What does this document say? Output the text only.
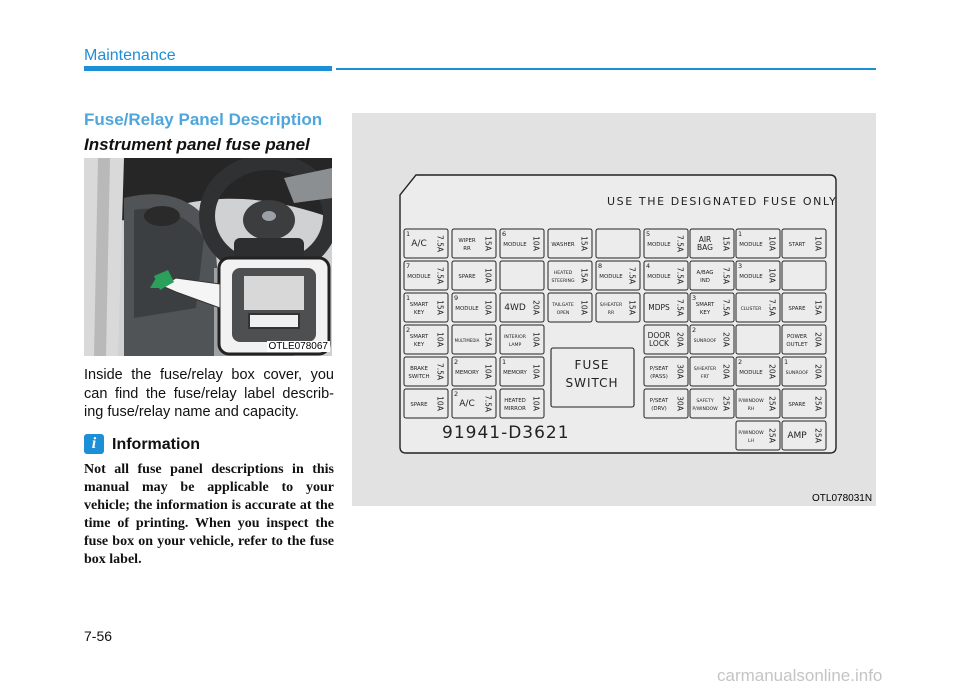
Maintenance
Fuse/Relay Panel Description
Instrument panel fuse panel
OTLE078067
Inside the fuse/relay box cover, you can find the fuse/relay label describ-ing fuse/relay name and capacity.
i Information
Not all fuse panel descriptions in this manual may be applicable to your vehicle; the information is accurate at the time of printing. When you inspect the fuse box on your vehicle, refer to the fuse box label.
USE THE DESIGNATED FUSE ONLY
1
A/C 7.5A
7
MODULE 7.5A
1
SMART
KEY 15A
2
SMART
KEY 10A
BRAKE
SWITCH 7.5A
SPARE 10A
WIPER
RR 15A
SPARE 10A
9
MODULE 10A
MULTIMEDIA 15A
2
MEMORY 10A
2
A/C 7.5A
6
MODULE 10A
4WD 20A
INTERIOR
LAMP 10A
1
MEMORY 10A
HEATED
MIRROR 10A
WASHER 15A
HEATED
STEERING 15A
TAILGATE
OPEN 10A
8
MODULE 7.5A
S/HEATER
RR 15A
5
MODULE 7.5A
4
MODULE 7.5A
MDPS 7.5A
DOOR
LOCK 20A
P/SEAT
(PASS) 30A
P/SEAT
(DRV) 30A
AIR
BAG 15A
A/BAG
IND 7.5A
3
SMART
KEY 7.5A
2
SUNROOF 20A
S/HEATER
FRT 20A
SAFETY
P/WINDOW 25A
1
MODULE 10A
3
MODULE 10A
CLUSTER 7.5A
2
MODULE 20A
P/WINDOW
RH 25A
P/WINDOW
LH 25A
START 10A
SPARE 15A
POWER
OUTLET 20A
1
SUNROOF 20A
SPARE 25A
AMP 25A
FUSE
SWITCH
91941-D3621
OTL078031N
7-56
carmanualsonline.info
